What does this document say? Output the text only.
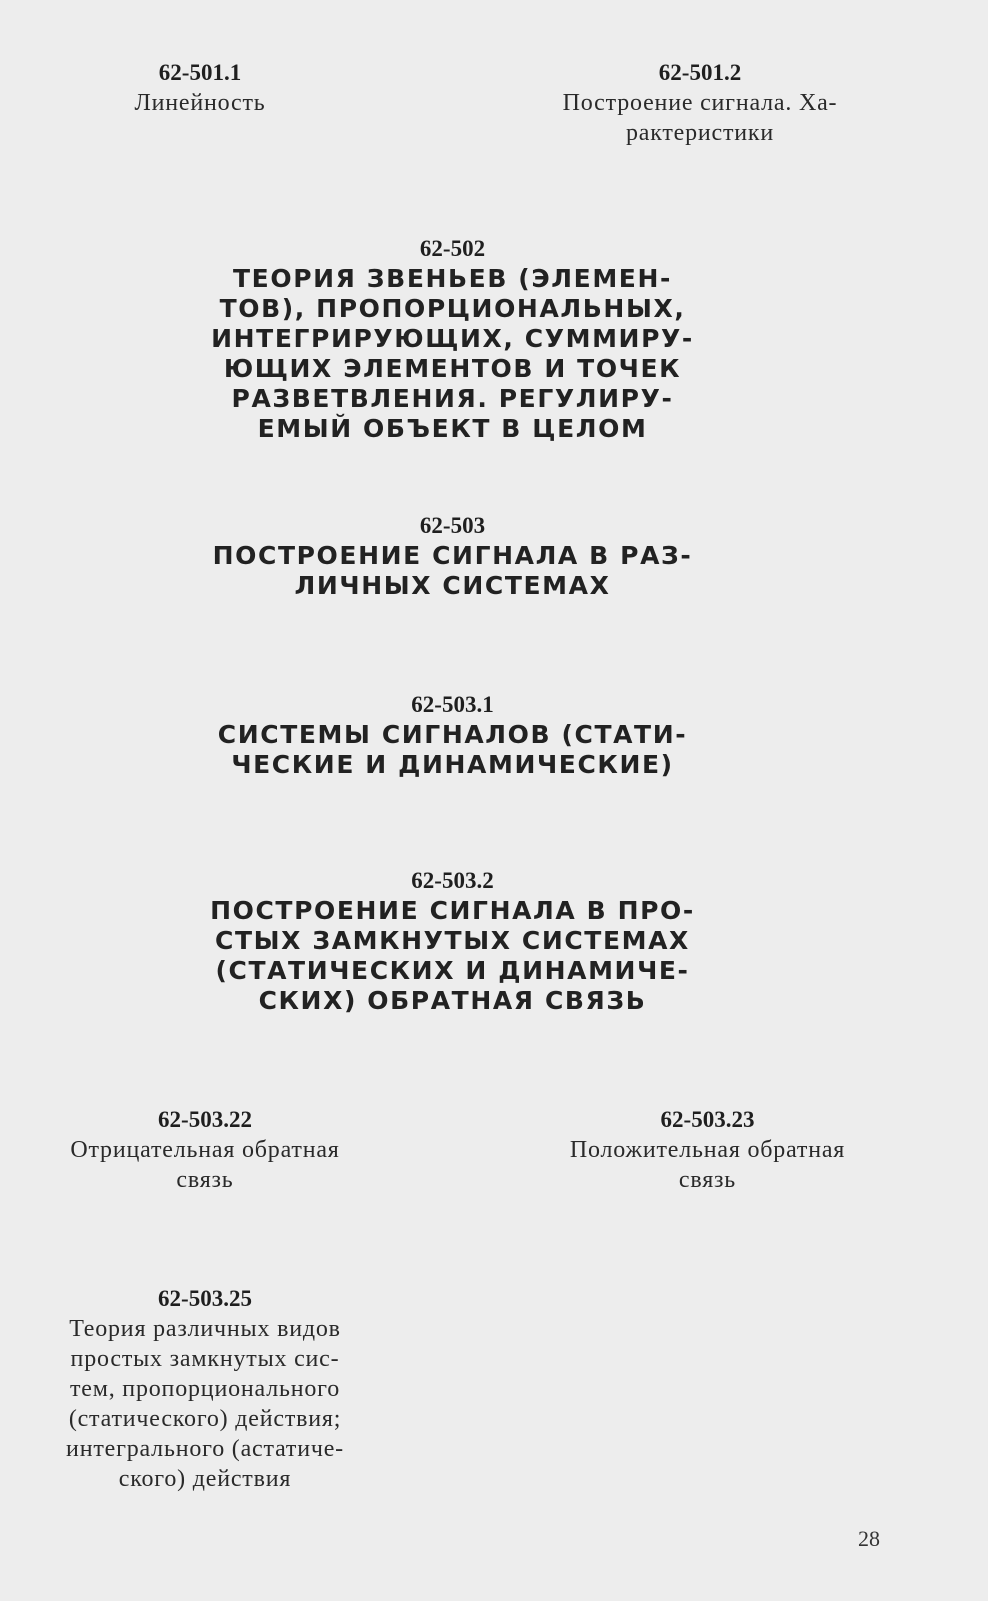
62-501.1
Линейность
62-501.2
Построение сигнала. Ха-
рактеристики
62-502
ТЕОРИЯ ЗВЕНЬЕВ (ЭЛЕМЕН-
ТОВ), ПРОПОРЦИОНАЛЬНЫХ,
ИНТЕГРИРУЮЩИХ, СУММИРУ-
ЮЩИХ ЭЛЕМЕНТОВ И ТОЧЕК
РАЗВЕТВЛЕНИЯ. РЕГУЛИРУ-
ЕМЫЙ ОБЪЕКТ В ЦЕЛОМ
62-503
ПОСТРОЕНИЕ СИГНАЛА В РАЗ-
ЛИЧНЫХ СИСТЕМАХ
62-503.1
СИСТЕМЫ СИГНАЛОВ (СТАТИ-
ЧЕСКИЕ И ДИНАМИЧЕСКИЕ)
62-503.2
ПОСТРОЕНИЕ СИГНАЛА В ПРО-
СТЫХ ЗАМКНУТЫХ СИСТЕМАХ
(СТАТИЧЕСКИХ И ДИНАМИЧЕ-
СКИХ) ОБРАТНАЯ СВЯЗЬ
62-503.22
Отрицательная обратная
связь
62-503.23
Положительная обратная
связь
62-503.25
Теория различных видов
простых замкнутых сис-
тем, пропорционального
(статического) действия;
интегрального (астатиче-
ского) действия
28
